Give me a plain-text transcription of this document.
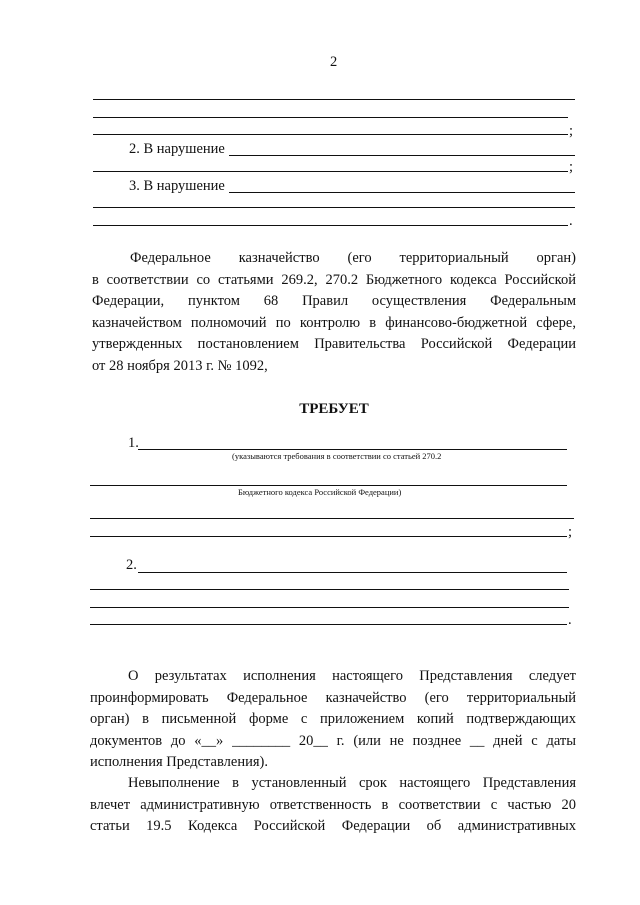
2
;
2. В нарушение
;
3. В нарушение
.
Федеральное казначейство (его территориальный орган)
в соответствии со статьями 269.2, 270.2 Бюджетного кодекса Российской
Федерации, пунктом 68 Правил осуществления Федеральным
казначейством полномочий по контролю в финансово-бюджетной сфере,
утвержденных постановлением Правительства Российской Федерации
от 28 ноября 2013 г. № 1092,
ТРЕБУЕТ
1.
(указываются требования в соответствии со статьей 270.2
Бюджетного кодекса Российской Федерации)
;
2.
.
О результатах исполнения настоящего Представления следует
проинформировать Федеральное казначейство (его территориальный
орган) в письменной форме с приложением копий подтверждающих
документов до «__» ________ 20__ г. (или не позднее __ дней с даты
исполнения Представления).
Невыполнение в установленный срок настоящего Представления
влечет административную ответственность в соответствии с частью 20
статьи 19.5 Кодекса Российской Федерации об административных
